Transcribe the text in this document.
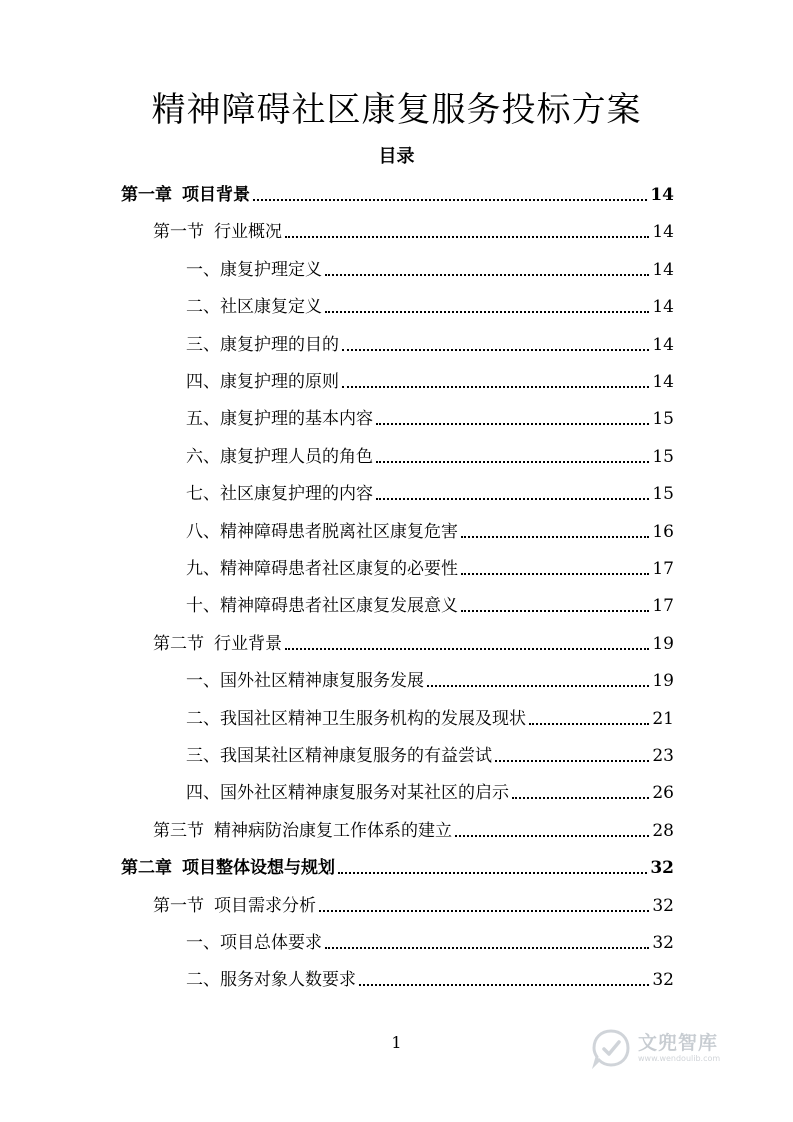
精神障碍社区康复服务投标方案
目录
第一章 项目背景	14
第一节 行业概况	14
一、康复护理定义	14
二、社区康复定义	14
三、康复护理的目的	14
四、康复护理的原则	14
五、康复护理的基本内容	15
六、康复护理人员的角色	15
七、社区康复护理的内容	15
八、精神障碍患者脱离社区康复危害	16
九、精神障碍患者社区康复的必要性	17
十、精神障碍患者社区康复发展意义	17
第二节 行业背景	19
一、国外社区精神康复服务发展	19
二、我国社区精神卫生服务机构的发展及现状	21
三、我国某社区精神康复服务的有益尝试	23
四、国外社区精神康复服务对某社区的启示	26
第三节 精神病防治康复工作体系的建立	28
第二章 项目整体设想与规划	32
第一节 项目需求分析	32
一、项目总体要求	32
二、服务对象人数要求	32
1	文兜智库
www.wendoulib.com
